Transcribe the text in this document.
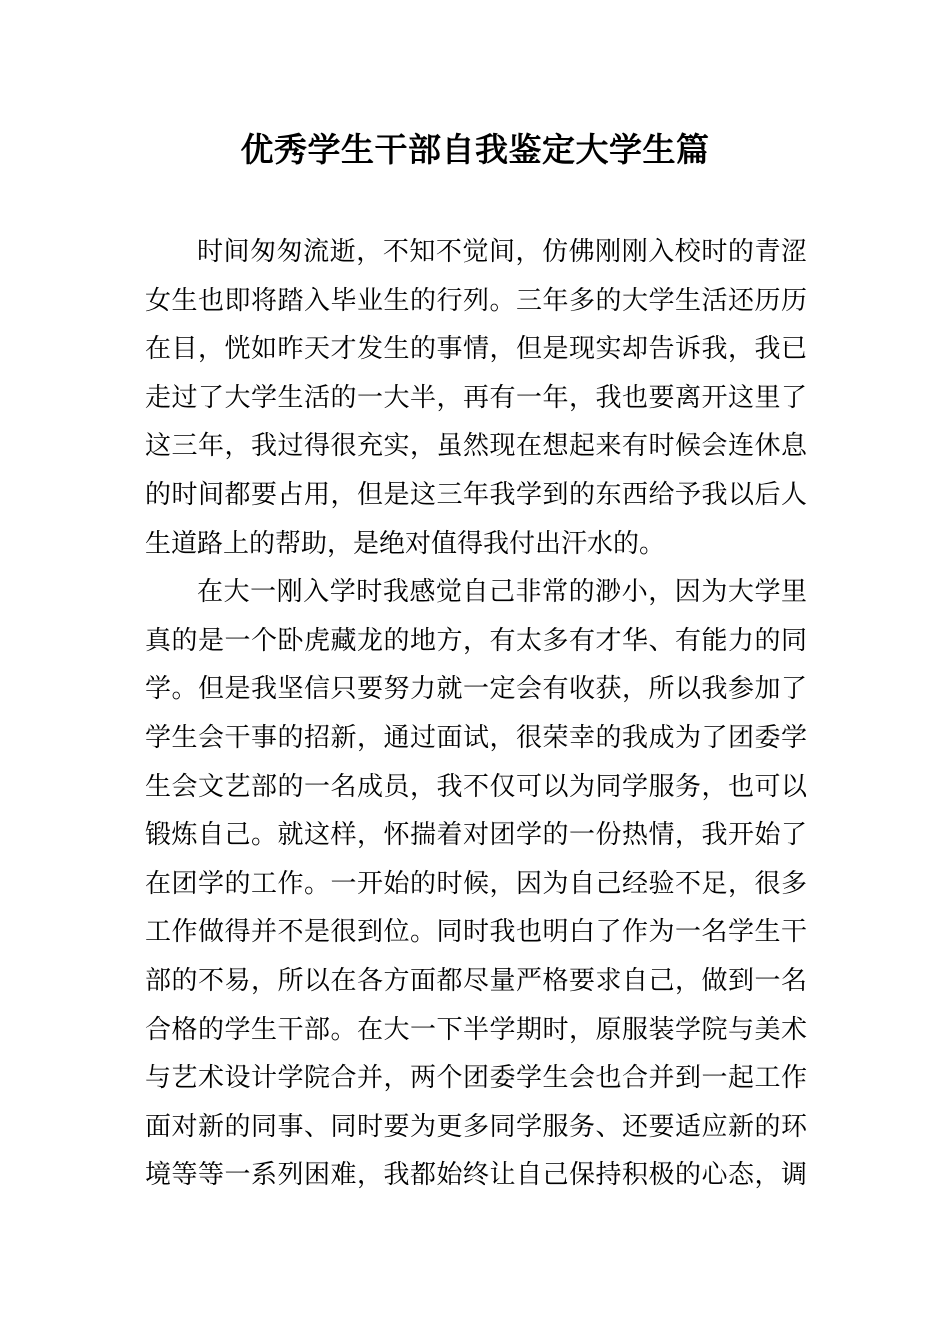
优秀学生干部自我鉴定大学生篇
时间匆匆流逝，不知不觉间，仿佛刚刚入校时的青涩
女生也即将踏入毕业生的行列。三年多的大学生活还历历
在目，恍如昨天才发生的事情，但是现实却告诉我，我已
走过了大学生活的一大半，再有一年，我也要离开这里了
这三年，我过得很充实，虽然现在想起来有时候会连休息
的时间都要占用，但是这三年我学到的东西给予我以后人
生道路上的帮助，是绝对值得我付出汗水的。
在大一刚入学时我感觉自己非常的渺小，因为大学里
真的是一个卧虎藏龙的地方，有太多有才华、有能力的同
学。但是我坚信只要努力就一定会有收获，所以我参加了
学生会干事的招新，通过面试，很荣幸的我成为了团委学
生会文艺部的一名成员，我不仅可以为同学服务，也可以
锻炼自己。就这样，怀揣着对团学的一份热情，我开始了
在团学的工作。一开始的时候，因为自己经验不足，很多
工作做得并不是很到位。同时我也明白了作为一名学生干
部的不易，所以在各方面都尽量严格要求自己，做到一名
合格的学生干部。在大一下半学期时，原服装学院与美术
与艺术设计学院合并，两个团委学生会也合并到一起工作
面对新的同事、同时要为更多同学服务、还要适应新的环
境等等一系列困难，我都始终让自己保持积极的心态，调
